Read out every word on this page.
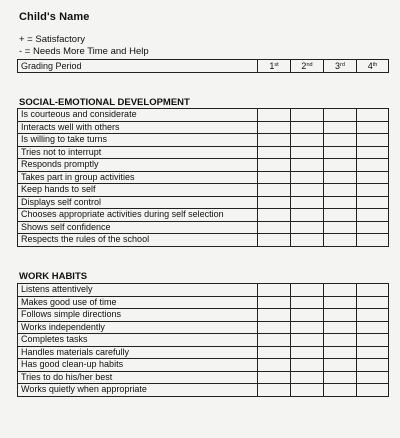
Child's Name
+ = Satisfactory
- = Needs More Time and Help
Grading Period	1st	2nd	3rd	4th
SOCIAL-EMOTIONAL DEVELOPMENT
Is courteous and considerate				
Interacts well with others				
Is willing to take turns				
Tries not to interrupt				
Responds promptly				
Takes part in group activities				
Keep hands to self				
Displays self control				
Chooses appropriate activities during self selection				
Shows self confidence				
Respects the rules of the school				
WORK HABITS
Listens attentively				
Makes good use of time				
Follows simple directions				
Works independently				
Completes tasks				
Handles materials carefully				
Has good clean-up habits				
Tries to do his/her best				
Works quietly when appropriate				
